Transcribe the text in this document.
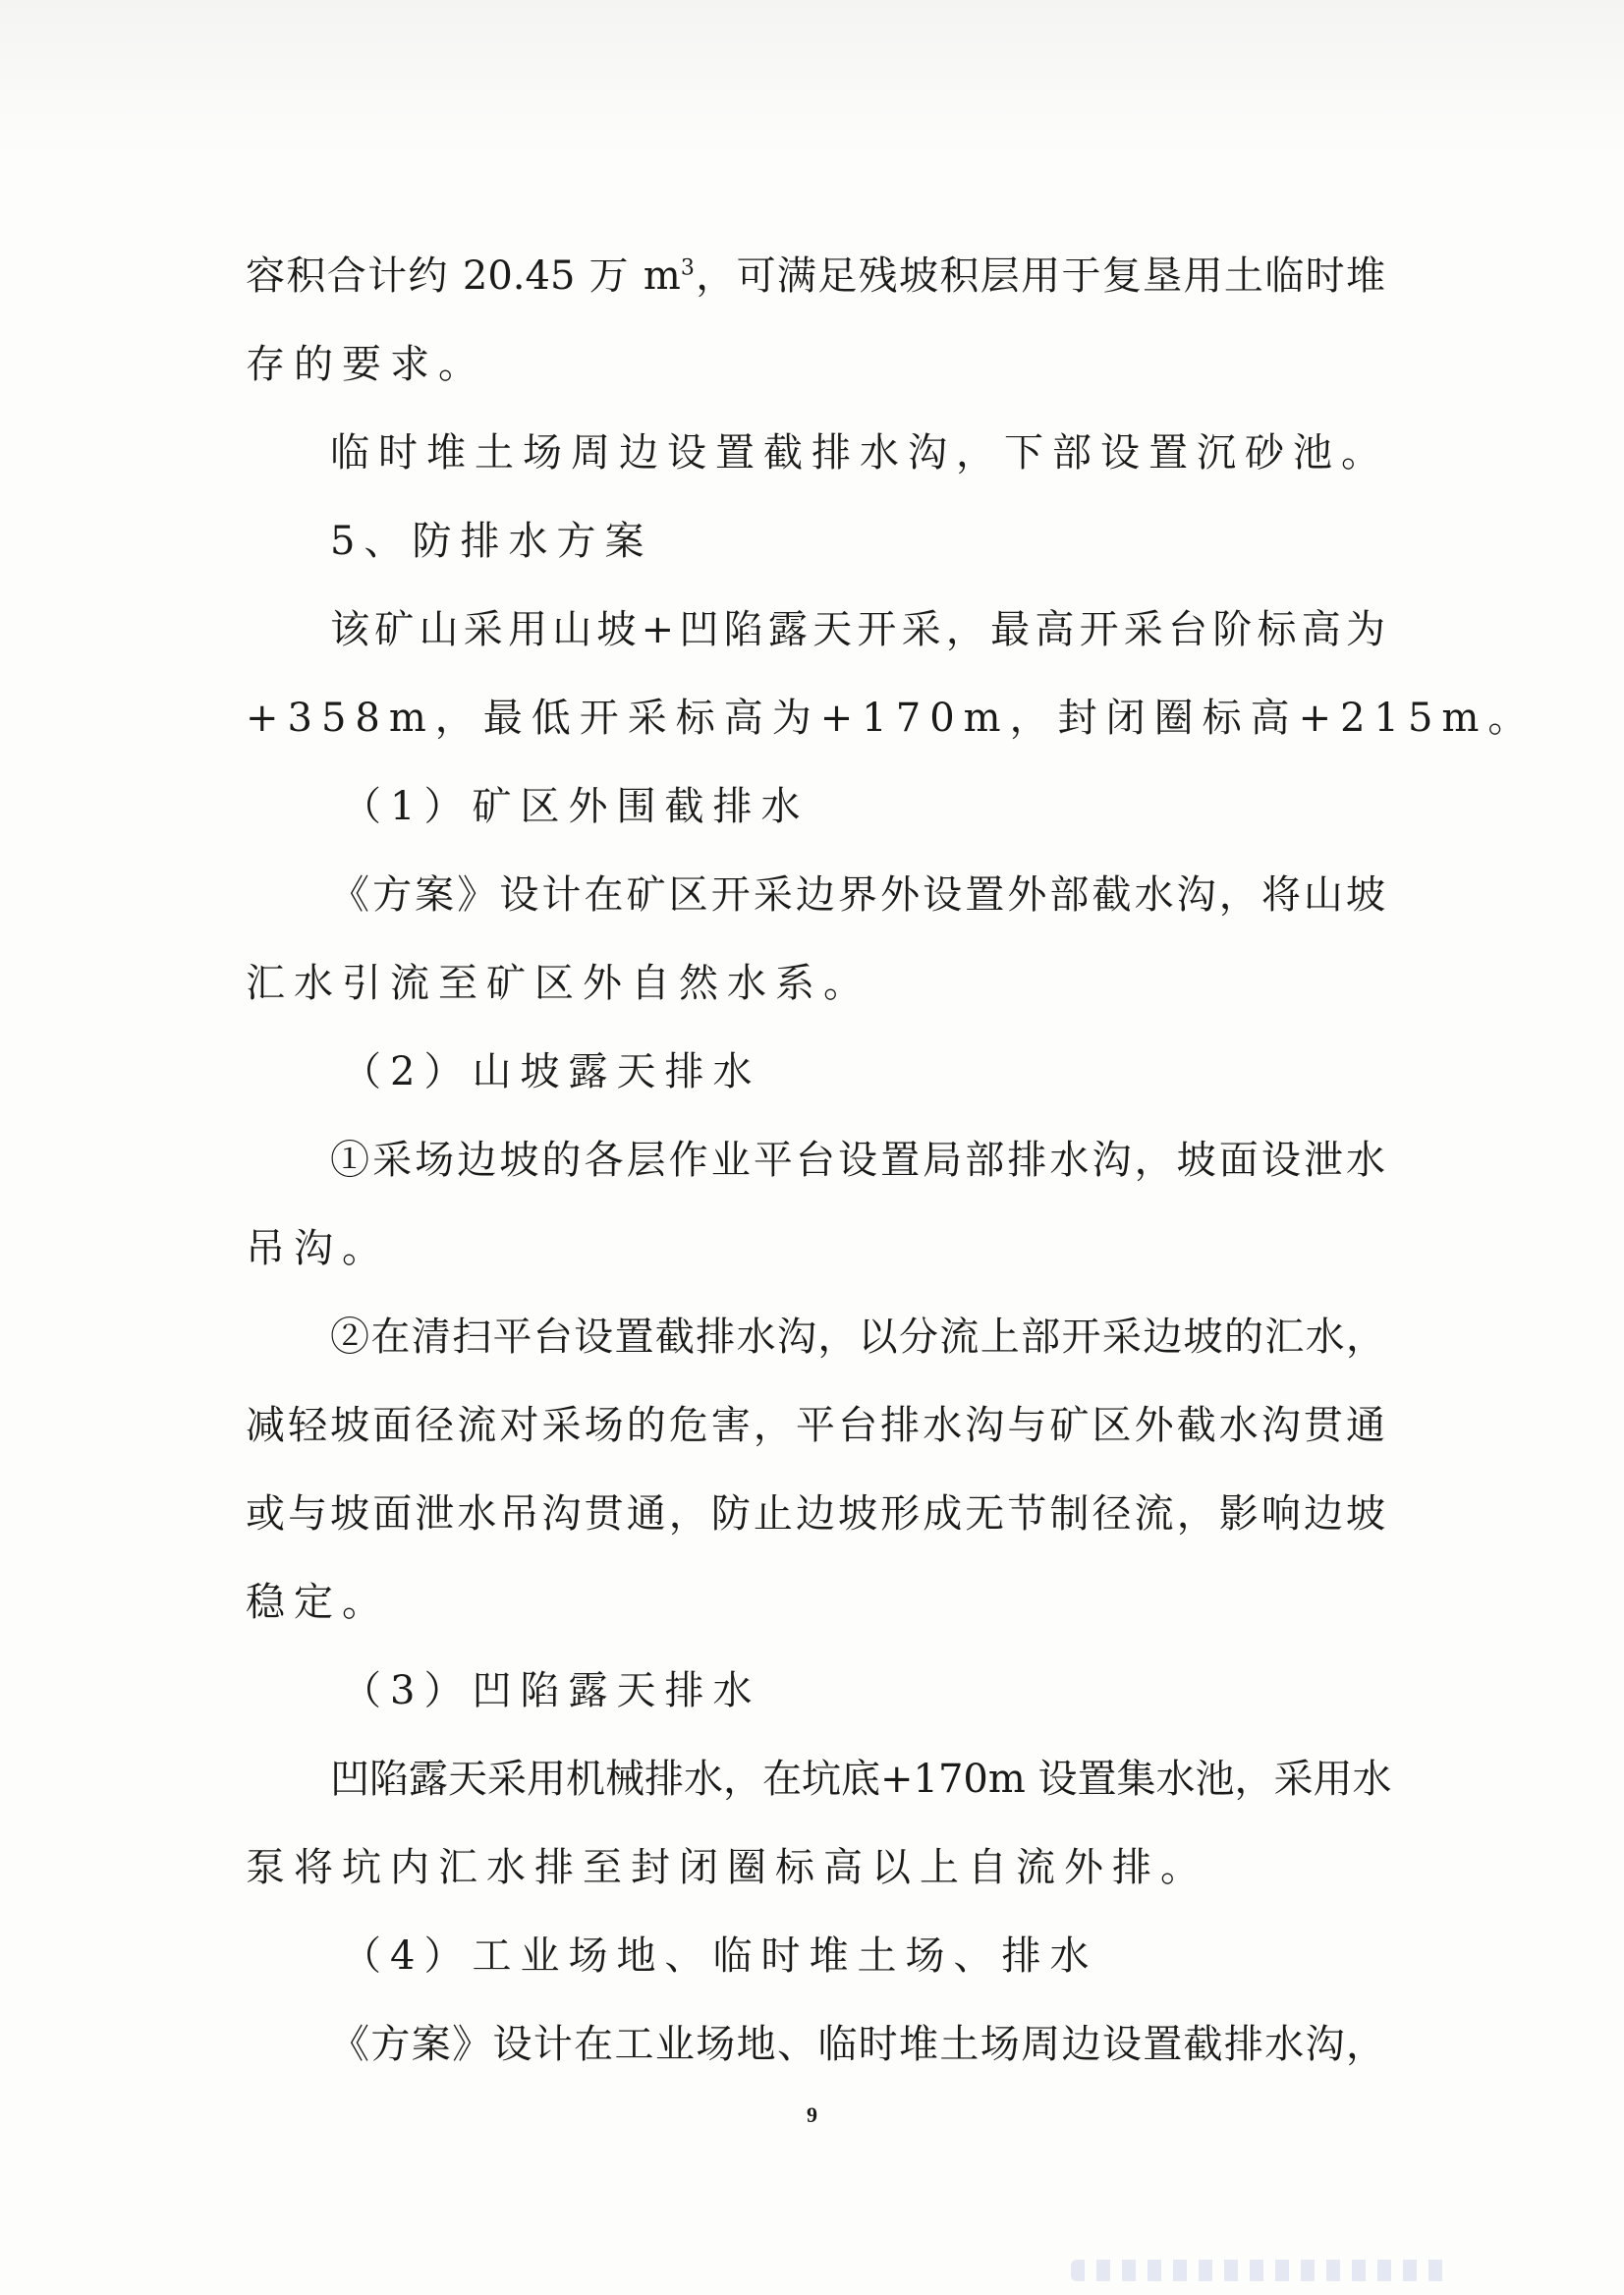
容积合计约 20.45 万 $m^3$，可满足残坡积层用于复垦用土临时堆
存的要求。
临时堆土场周边设置截排水沟，下部设置沉砂池。
5、防排水方案
该矿山采用山坡+凹陷露天开采，最高开采台阶标高为
+358m，最低开采标高为+170m，封闭圈标高+215m。
（1）矿区外围截排水
《方案》设计在矿区开采边界外设置外部截水沟，将山坡
汇水引流至矿区外自然水系。
（2）山坡露天排水
①采场边坡的各层作业平台设置局部排水沟，坡面设泄水
吊沟。
②在清扫平台设置截排水沟，以分流上部开采边坡的汇水，
减轻坡面径流对采场的危害，平台排水沟与矿区外截水沟贯通
或与坡面泄水吊沟贯通，防止边坡形成无节制径流，影响边坡
稳定。
（3）凹陷露天排水
凹陷露天采用机械排水，在坑底+170m 设置集水池，采用水
泵将坑内汇水排至封闭圈标高以上自流外排。
（4）工业场地、临时堆土场、排水
《方案》设计在工业场地、临时堆土场周边设置截排水沟，
9
